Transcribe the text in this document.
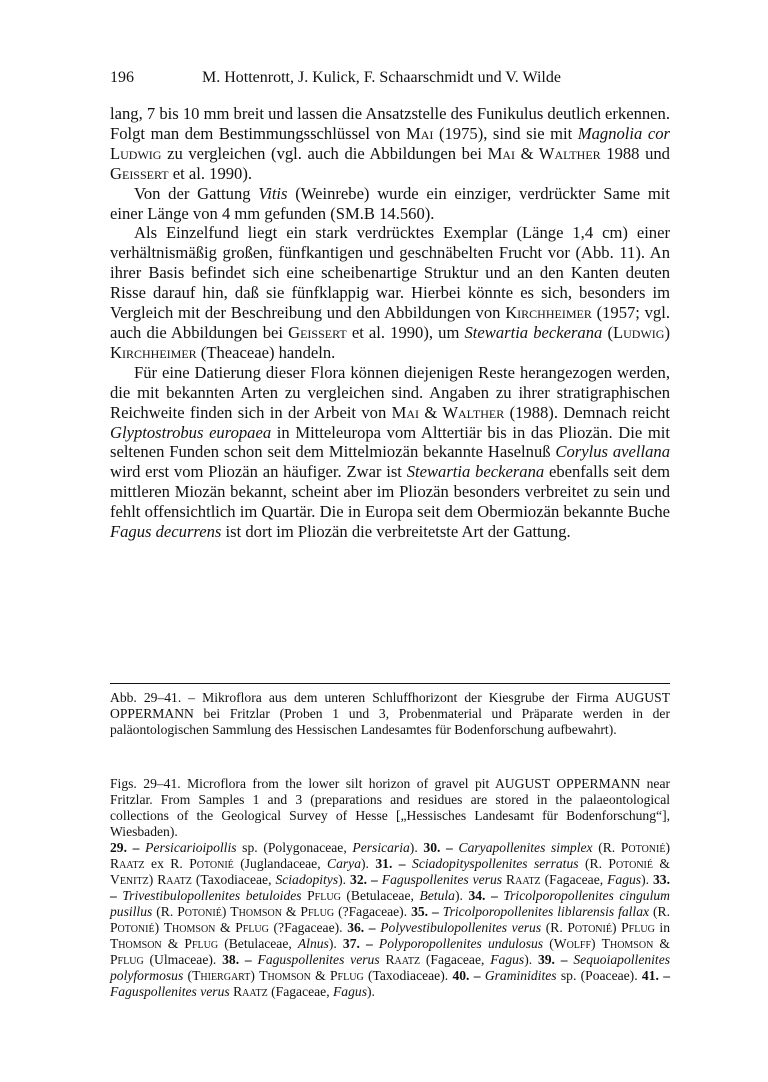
196	M. Hottenrott, J. Kulick, F. Schaarschmidt und V. Wilde

lang, 7 bis 10 mm breit und lassen die Ansatzstelle des Funikulus deutlich erkennen. Folgt man dem Bestimmungsschlüssel von Mai (1975), sind sie mit Magnolia cor Ludwig zu vergleichen (vgl. auch die Abbildungen bei Mai & Walther 1988 und Geissert et al. 1990).

Von der Gattung Vitis (Weinrebe) wurde ein einziger, verdrückter Same mit einer Länge von 4 mm gefunden (SM.B 14.560).

Als Einzelfund liegt ein stark verdrücktes Exemplar (Länge 1,4 cm) einer verhältnismäßig großen, fünfkantigen und geschnäbelten Frucht vor (Abb. 11). An ihrer Basis befindet sich eine scheibenartige Struktur und an den Kanten deuten Risse darauf hin, daß sie fünfklappig war. Hierbei könnte es sich, besonders im Vergleich mit der Beschreibung und den Abbildungen von Kirchheimer (1957; vgl. auch die Abbildungen bei Geissert et al. 1990), um Stewartia beckerana (Ludwig) Kirchheimer (Theaceae) handeln.

Für eine Datierung dieser Flora können diejenigen Reste herangezogen werden, die mit bekannten Arten zu vergleichen sind. Angaben zu ihrer stratigraphischen Reichweite finden sich in der Arbeit von Mai & Walther (1988). Demnach reicht Glyptostrobus europaea in Mitteleuropa vom Alttertiär bis in das Pliozän. Die mit seltenen Funden schon seit dem Mittelmiozän bekannte Haselnuß Corylus avellana wird erst vom Pliozän an häufiger. Zwar ist Stewartia beckerana ebenfalls seit dem mittleren Miozän bekannt, scheint aber im Pliozän besonders verbreitet zu sein und fehlt offensichtlich im Quartär. Die in Europa seit dem Obermiozän bekannte Buche Fagus decurrens ist dort im Pliozän die verbreitetste Art der Gattung.

Abb. 29–41. – Mikroflora aus dem unteren Schluffhorizont der Kiesgrube der Firma AUGUST OPPERMANN bei Fritzlar (Proben 1 und 3, Probenmaterial und Präparate werden in der paläontologischen Sammlung des Hessischen Landesamtes für Bodenforschung aufbewahrt).

Figs. 29–41. Microflora from the lower silt horizon of gravel pit AUGUST OPPERMANN near Fritzlar. From Samples 1 and 3 (preparations and residues are stored in the palaeontological collections of the Geological Survey of Hesse [„Hessisches Landesamt für Bodenforschung“], Wiesbaden).

29. – Persicarioipollis sp. (Polygonaceae, Persicaria). 30. – Caryapollenites simplex (R. Potonié) Raatz ex R. Potonié (Juglandaceae, Carya). 31. – Sciadopityspollenites serratus (R. Potonié & Venitz) Raatz (Taxodiaceae, Sciadopitys). 32. – Faguspollenites verus Raatz (Fagaceae, Fagus). 33. – Trivestibulopollenites betuloides Pflug (Betulaceae, Betula). 34. – Tricolporopollenites cingulum pusillus (R. Potonié) Thomson & Pflug (?Fagaceae). 35. – Tricolporopollenites liblarensis fallax (R. Potonié) Thomson & Pflug (?Fagaceae). 36. – Polyvestibulopollenites verus (R. Potonié) Pflug in Thomson & Pflug (Betulaceae, Alnus). 37. – Polyporopollenites undulosus (Wolff) Thomson & Pflug (Ulmaceae). 38. – Faguspollenites verus Raatz (Fagaceae, Fagus). 39. – Sequoiapollenites polyformosus (Thiergart) Thomson & Pflug (Taxodiaceae). 40. – Graminidites sp. (Poaceae). 41. – Faguspollenites verus Raatz (Fagaceae, Fagus).
